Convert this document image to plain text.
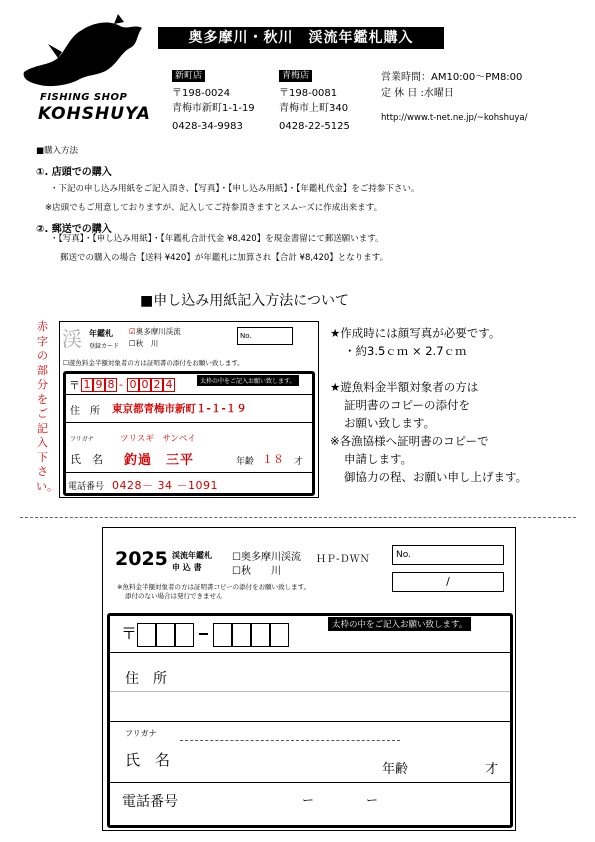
FISHING SHOP
KOHSHUYA
奥多摩川・秋川　渓流年鑑札購入
新町店
〒198-0024
青梅市新町1-1-19
0428-34-9983
青梅店
〒198-0081
青梅市上町340
0428-22-5125
営業時間：AM10:00〜PM8:00
定 休 日 :水曜日
http://www.t-net.ne.jp/~kohshuya/
■購入方法
①. 店頭での購入
・下記の申し込み用紙をご記入頂き、【写真】・【申し込み用紙】・【年鑑札代金】をご持参下さい。
※店頭でもご用意しておりますが、記入してご持参頂きますとスムーズに作成出来ます。
②. 郵送での購入
・【写真】・【申し込み用紙】・【年鑑札合計代金 ¥8,420】を現金書留にて郵送願います。
郵送での購入の場合【送料 ¥420】が年鑑札に加算され【合計 ¥8,420】となります。
■申し込み用紙記入方法について
赤字の部分をご記入下さい。
渓 年鑑札
登録カード
☑奥多摩川渓流
☐秋　川
No.
☐遊魚料金半額対象者の方は証明書の添付をお願い致します。
〒 1 9 8 - 0 0 2 4	太枠の中をご記入お願い致します。
住　所 東京都青梅市新町１-１-１９
フリガナ	ツリスギ　サンペイ
氏　名 釣過　三平	年齢 １８ 才
電話番号 0428－ 34 －1091
★作成時には顔写真が必要です。
・約3.5ｃｍ × 2.7ｃｍ
★遊魚料金半額対象者の方は
証明書のコピーの添付を
お願い致します。
※各漁協様へ証明書のコピーで
申請します。
御協力の程、お願い申し上げます。
2025 渓流年鑑札
申 込 書
☐奥多摩川渓流
☐秋　　川
ＨＰ-ＤＷＮ	No.
/
※魚料金半額対象者の方は証明書コピーの添付をお願い致します。
添付のない場合は発行できません
〒	太枠の中をご記入お願い致します。
住　所
フリガナ
氏　名
年齢	才
電話番号	ー	ー
